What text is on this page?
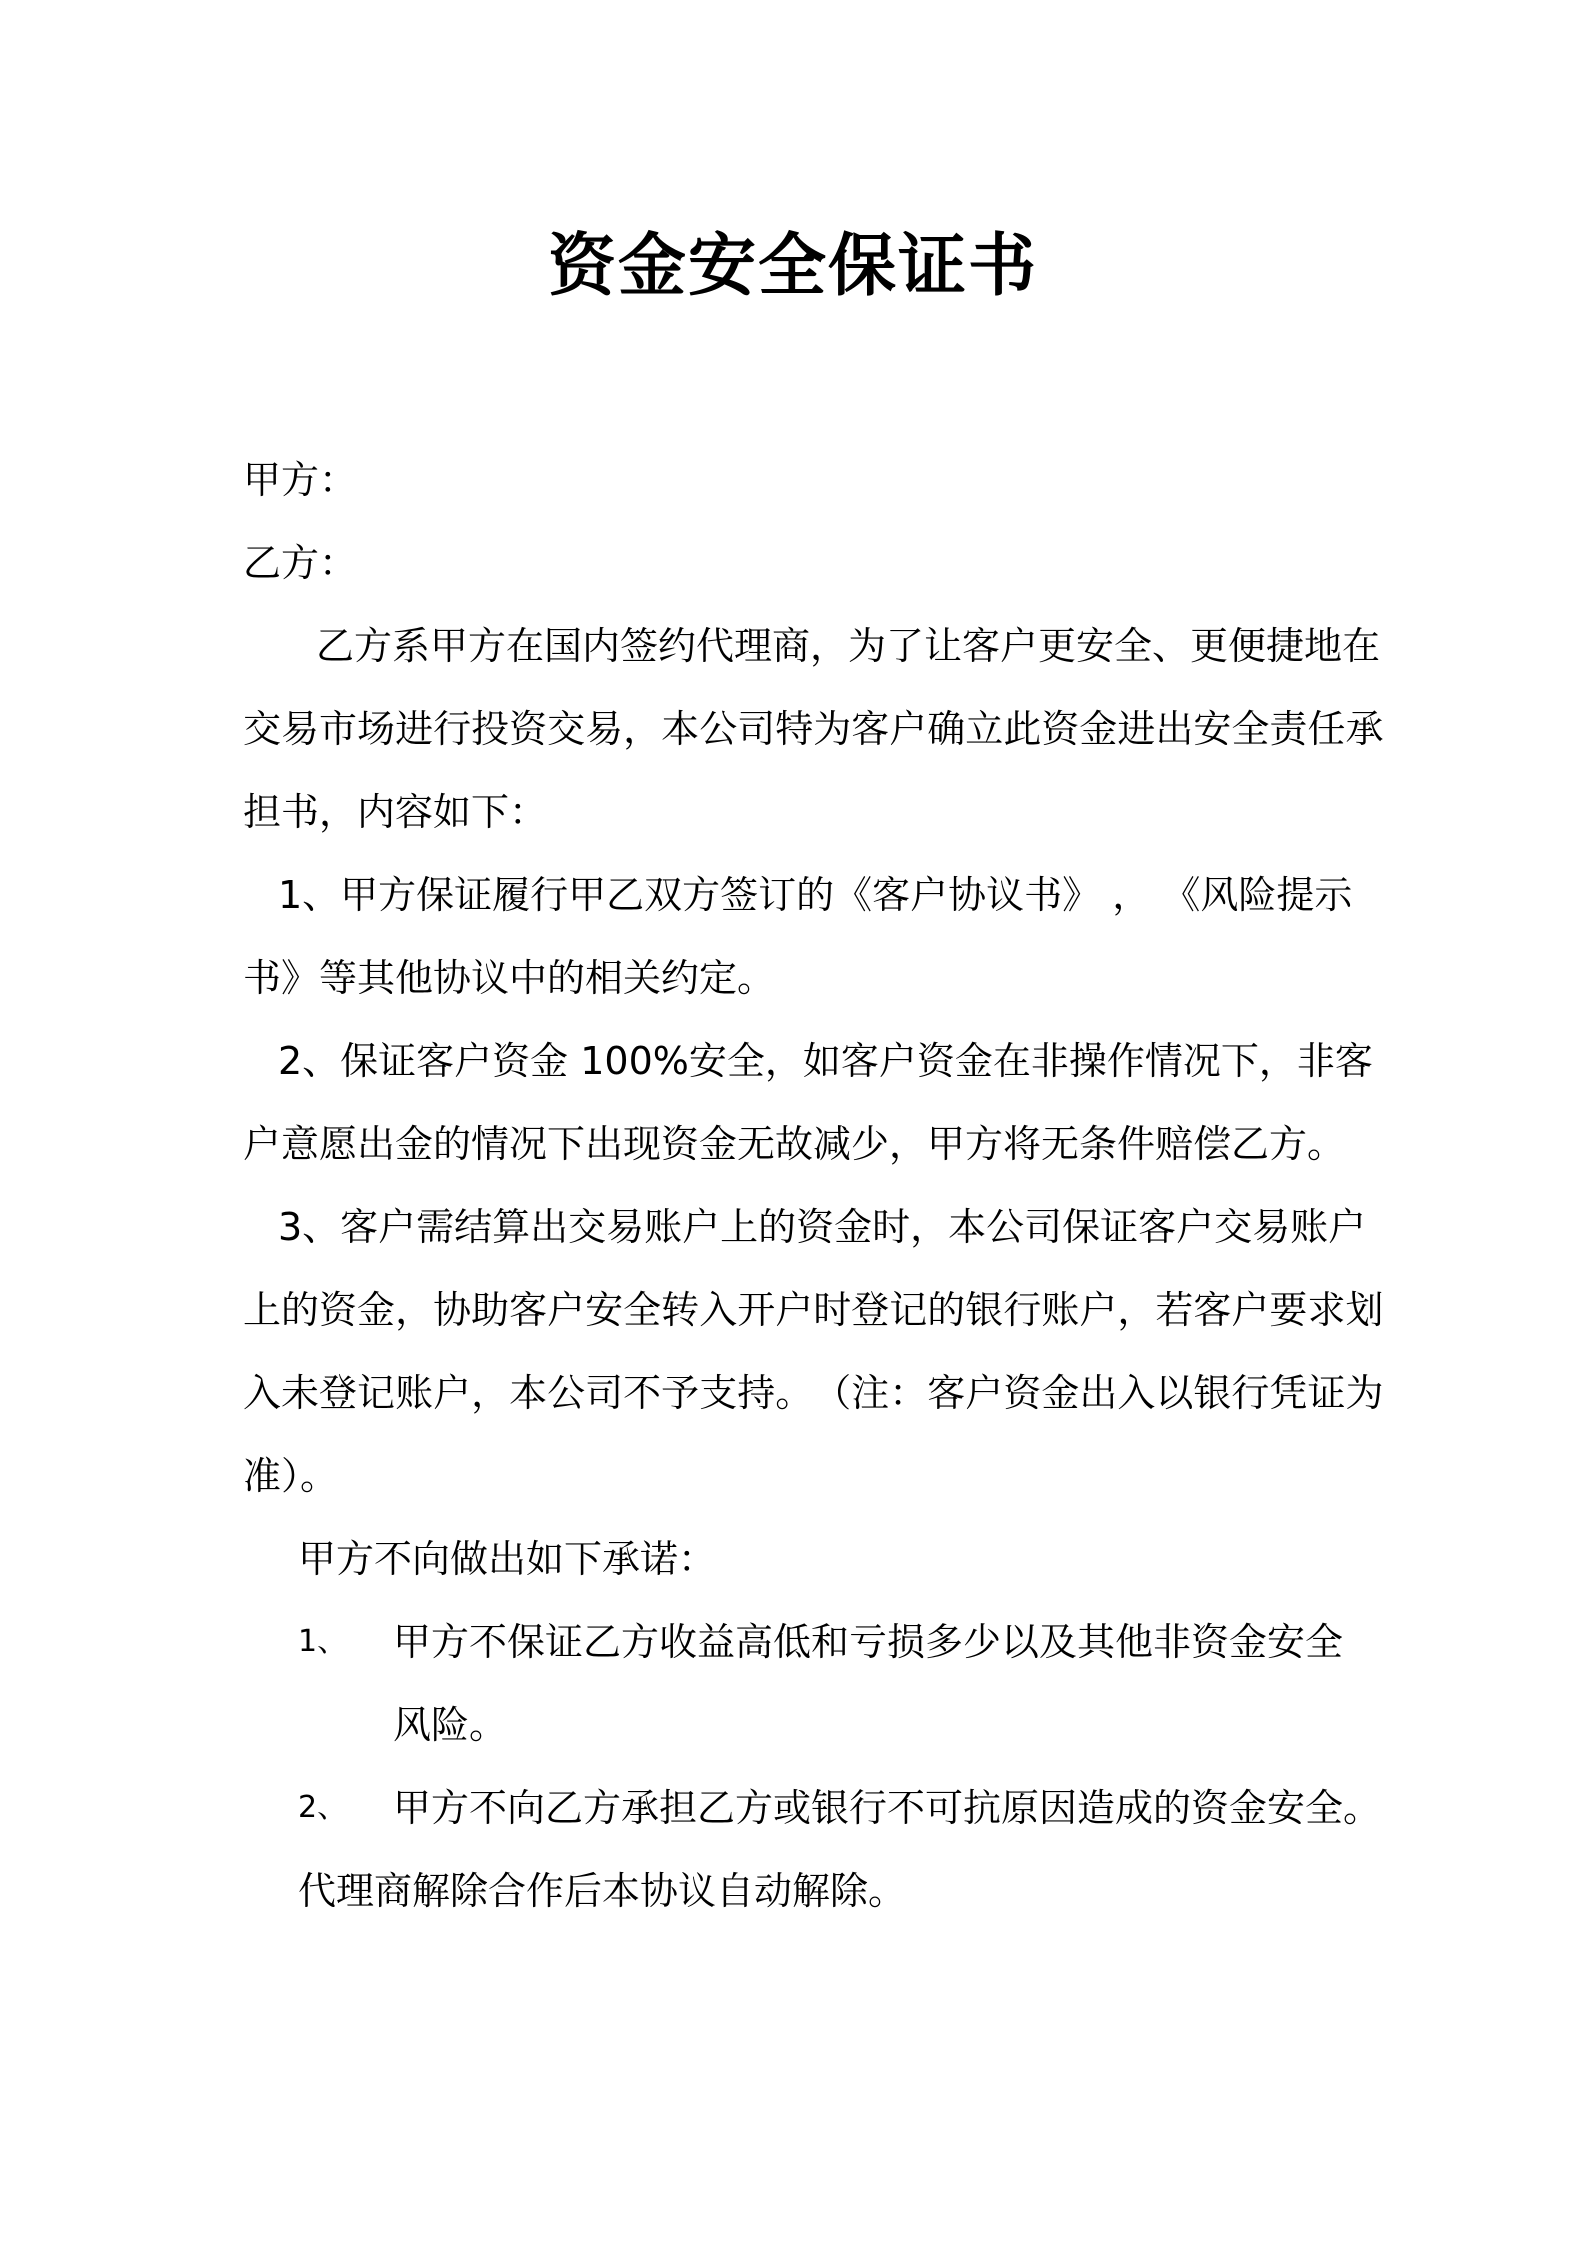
资金安全保证书
甲方：
乙方：
乙方系甲方在国内签约代理商，为了让客户更安全、更便捷地在
交 易 市 场 进 行 投 资 交 易 ， 本 公 司 特 为 客 户 确 立 此 资 金 进 出 安 全 责 任 承
担书，内容如下：
1、甲方保证履行甲乙双方签订的《客户协议书》 ， 《风险提示
书》等其他协议中的相关约定。
2、保证客户资金 100%安全，如客户资金在非操作情况下，非客
户意愿出金的情况下出现资金无故减少，甲方将无条件赔偿乙方。
3、客户需结算出交易账户上的资金时，本公司保证客户交易账户
上 的 资 金 ， 协 助 客 户 安 全 转 入 开 户 时 登 记 的 银 行 账 户 ， 若 客 户 要 求 划
入 未 登 记 账 户 ， 本 公 司 不 予 支 持 。 （ 注 ： 客 户 资 金 出 入 以 银 行 凭 证 为
准）。
甲方不向做出如下承诺：
1、 甲方不保证乙方收益高低和亏损多少以及其他非资金安全
风险。
2、 甲方不向乙方承担乙方或银行不可抗原因造成的资金安全。
代理商解除合作后本协议自动解除。
